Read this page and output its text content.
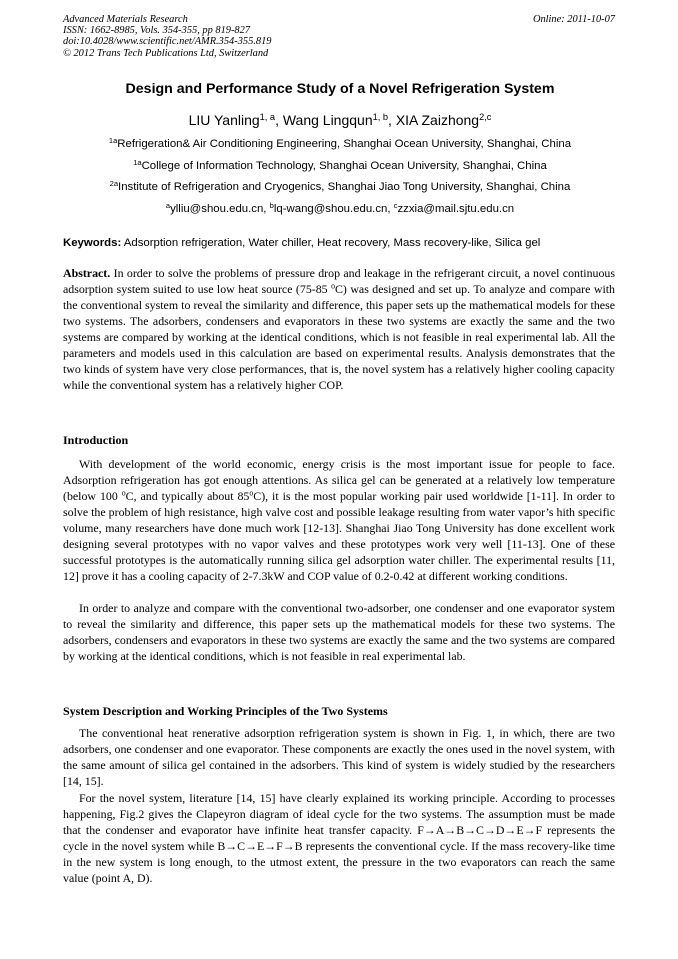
Advanced Materials Research
ISSN: 1662-8985, Vols. 354-355, pp 819-827
doi:10.4028/www.scientific.net/AMR.354-355.819
© 2012 Trans Tech Publications Ltd, Switzerland
Online: 2011-10-07
Design and Performance Study of a Novel Refrigeration System
LIU Yanling$^{1, a}$, Wang Lingqun$^{1, b}$, XIA Zaizhong$^{2,c}$
$^{1a}$Refrigeration& Air Conditioning Engineering, Shanghai Ocean University, Shanghai, China
$^{1a}$College of Information Technology, Shanghai Ocean University, Shanghai, China
$^{2a}$Institute of Refrigeration and Cryogenics, Shanghai Jiao Tong University, Shanghai, China
$^a$ylliu@shou.edu.cn, $^b$lq-wang@shou.edu.cn, $^c$zzxia@mail.sjtu.edu.cn
Keywords: Adsorption refrigeration, Water chiller, Heat recovery, Mass recovery-like, Silica gel
Abstract. In order to solve the problems of pressure drop and leakage in the refrigerant circuit, a novel continuous adsorption system suited to use low heat source (75-85 $^o$C) was designed and set up. To analyze and compare with the conventional system to reveal the similarity and difference, this paper sets up the mathematical models for these two systems. The adsorbers, condensers and evaporators in these two systems are exactly the same and the two systems are compared by working at the identical conditions, which is not feasible in real experimental lab. All the parameters and models used in this calculation are based on experimental results. Analysis demonstrates that the two kinds of system have very close performances, that is, the novel system has a relatively higher cooling capacity while the conventional system has a relatively higher COP.
Introduction
With development of the world economic, energy crisis is the most important issue for people to face. Adsorption refrigeration has got enough attentions. As silica gel can be generated at a relatively low temperature (below 100 $^o$C, and typically about 85$^o$C), it is the most popular working pair used worldwide [1-11]. In order to solve the problem of high resistance, high valve cost and possible leakage resulting from water vapor’s hith specific volume, many researchers have done much work [12-13]. Shanghai Jiao Tong University has done excellent work designing several prototypes with no vapor valves and these prototypes work very well [11-13]. One of these successful prototypes is the automatically running silica gel adsorption water chiller. The experimental results [11, 12] prove it has a cooling capacity of 2-7.3kW and COP value of 0.2-0.42 at different working conditions.
In order to analyze and compare with the conventional two-adsorber, one condenser and one evaporator system to reveal the similarity and difference, this paper sets up the mathematical models for these two systems. The adsorbers, condensers and evaporators in these two systems are exactly the same and the two systems are compared by working at the identical conditions, which is not feasible in real experimental lab.
System Description and Working Principles of the Two Systems
The conventional heat renerative adsorption refrigeration system is shown in Fig. 1, in which, there are two adsorbers, one condenser and one evaporator. These components are exactly the ones used in the novel system, with the same amount of silica gel contained in the adsorbers. This kind of system is widely studied by the researchers [14, 15].
For the novel system, literature [14, 15] have clearly explained its working principle. According to processes happening, Fig.2 gives the Clapeyron diagram of ideal cycle for the two systems. The assumption must be made that the condenser and evaporator have infinite heat transfer capacity. F→A→B→C→D→E→F represents the cycle in the novel system while B→C→E→F→B represents the conventional cycle. If the mass recovery-like time in the new system is long enough, to the utmost extent, the pressure in the two evaporators can reach the same value (point A, D).
